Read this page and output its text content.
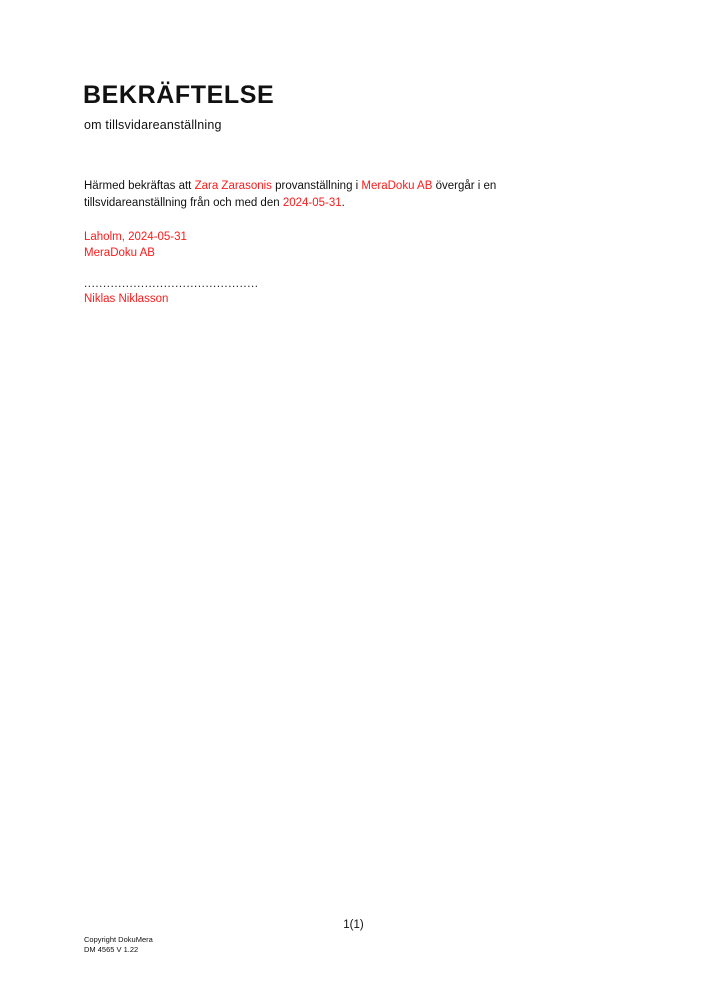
BEKRÄFTELSE
om tillsvidareanställning
Härmed bekräftas att Zara Zarasonis provanställning i MeraDoku AB övergår i en tillsvidareanställning från och med den 2024-05-31.
Laholm, 2024-05-31
MeraDoku AB
..............................................
Niklas Niklasson
1(1)
Copyright DokuMera
DM 4565 V 1.22
